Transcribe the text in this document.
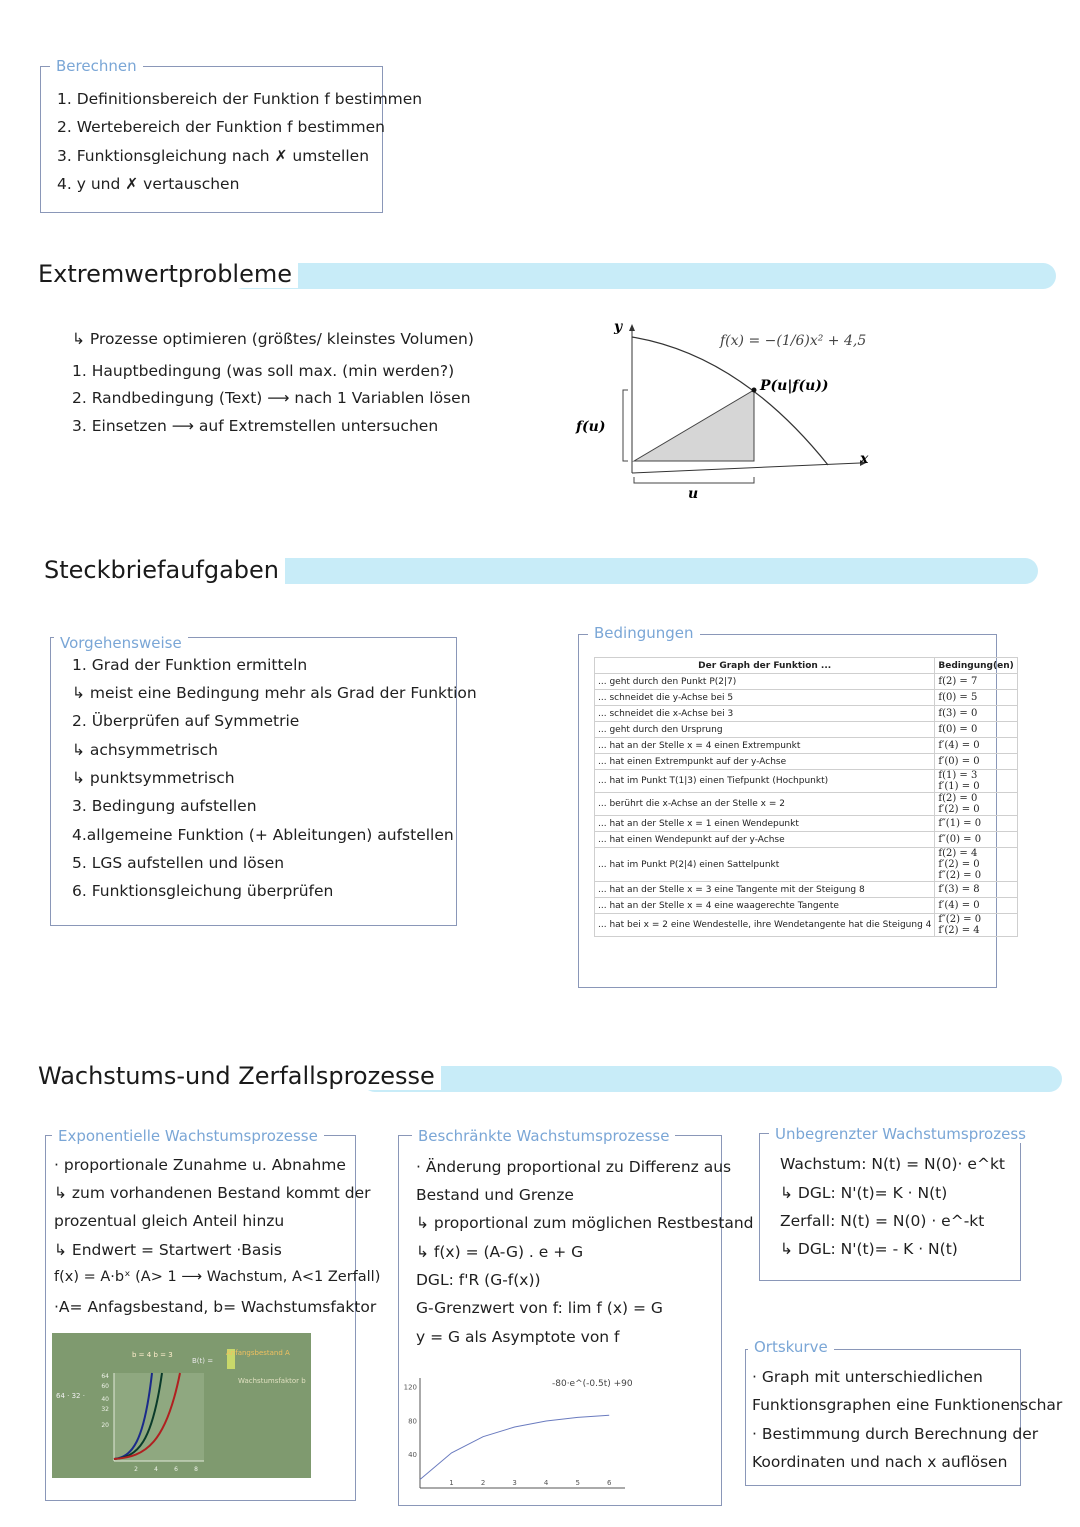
Berechnen
1. Definitionsbereich der Funktion f bestimmen
2. Wertebereich der Funktion f bestimmen
3. Funktionsgleichung nach ✗ umstellen
4. y und ✗ vertauschen
Extremwertprobleme
↳ Prozesse optimieren (größtes/ kleinstes Volumen)
1. Hauptbedingung (was soll max. (min werden?)
2. Randbedingung (Text) ⟶ nach 1 Variablen lösen
3. Einsetzen ⟶ auf Extremstellen untersuchen
y
x
f(x) = −(1/6)x² + 4,5
P(u|f(u))
f(u)
u
Steckbriefaufgaben
Vorgehensweise
1. Grad der Funktion ermitteln
↳ meist eine Bedingung mehr als Grad der Funktion
2. Überprüfen auf Symmetrie
↳ achsymmetrisch
↳ punktsymmetrisch
3. Bedingung aufstellen
4.allgemeine Funktion (+ Ableitungen) aufstellen
5. LGS aufstellen und lösen
6. Funktionsgleichung überprüfen
Bedingungen
Der Graph der Funktion ...	Bedingung(en)
... geht durch den Punkt P(2|7)	f(2) = 7

... schneidet die y-Achse bei 5	f(0) = 5

... schneidet die x-Achse bei 3	f(3) = 0

... geht durch den Ursprung	f(0) = 0

... hat an der Stelle x = 4 einen Extrempunkt	f′(4) = 0

... hat einen Extrempunkt auf der y-Achse	f′(0) = 0

... hat im Punkt T(1|3) einen Tiefpunkt (Hochpunkt)	f(1) = 3
f′(1) = 0

... berührt die x-Achse an der Stelle x = 2	f(2) = 0
f′(2) = 0

... hat an der Stelle x = 1 einen Wendepunkt	f″(1) = 0

... hat einen Wendepunkt auf der y-Achse	f″(0) = 0

... hat im Punkt P(2|4) einen Sattelpunkt	f(2) = 4
f′(2) = 0
f″(2) = 0

... hat an der Stelle x = 3 eine Tangente mit der Steigung 8	f′(3) = 8

... hat an der Stelle x = 4 eine waagerechte Tangente	f′(4) = 0

... hat bei x = 2 eine Wendestelle, ihre Wendetangente hat die Steigung 4	f″(2) = 0
f′(2) = 4
Wachstums-und Zerfallsprozesse
Exponentielle Wachstumsprozesse
· proportionale Zunahme u. Abnahme
↳ zum vorhandenen Bestand kommt der
prozentual gleich Anteil hinzu
↳ Endwert = Startwert ·Basis
f(x) = A·bˣ (A> 1 ⟶ Wachstum, A<1 Zerfall)
·A= Anfagsbestand, b= Wachstumsfaktor
b = 4 b = 3	Anfangsbestand A
Wachstumsfaktor b
B(t) =
64 · 32 ·
64
60
40
32
20
2	4	6	8
Beschränkte Wachstumsprozesse
· Änderung proportional zu Differenz aus
Bestand und Grenze
↳ proportional zum möglichen Restbestand
↳ f(x) = (A-G) . e + G
DGL: f'R (G-f(x))
G-Grenzwert von f: lim f (x) = G
y = G als Asymptote von f
40
80
120
1	2	3	4	5	6
-80·e^(-0.5t) +90
Unbegrenzter Wachstumsprozess
Wachstum: N(t) = N(0)· e^kt
↳ DGL: N'(t)= K · N(t)
Zerfall: N(t) = N(0) · e^-kt
↳ DGL: N'(t)= - K · N(t)
Ortskurve
· Graph mit unterschiedlichen
Funktionsgraphen eine Funktionenschar
· Bestimmung durch Berechnung der
Koordinaten und nach x auflösen
